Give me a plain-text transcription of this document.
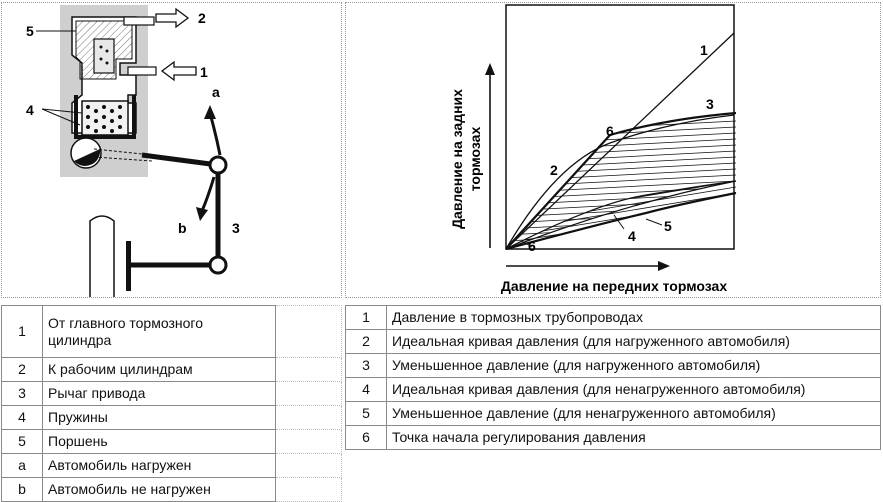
5
4
2
1
a
b	3
1
2
3
4
5
6
6
Давление на задних тормозах
Давление на передних тормозах
1	От главного тормозного цилиндра	
2	К рабочим цилиндрам	
3	Рычаг привода	
4	Пружины	
5	Поршень	
a	Автомобиль нагружен	
b	Автомобиль не нагружен	
1	Давление в тормозных трубопроводах
2	Идеальная кривая давления (для нагруженного автомобиля)
3	Уменьшенное давление (для нагруженного автомобиля)
4	Идеальная кривая давления (для ненагруженного автомобиля)
5	Уменьшенное давление (для ненагруженного автомобиля)
6	Точка начала регулирования давления
